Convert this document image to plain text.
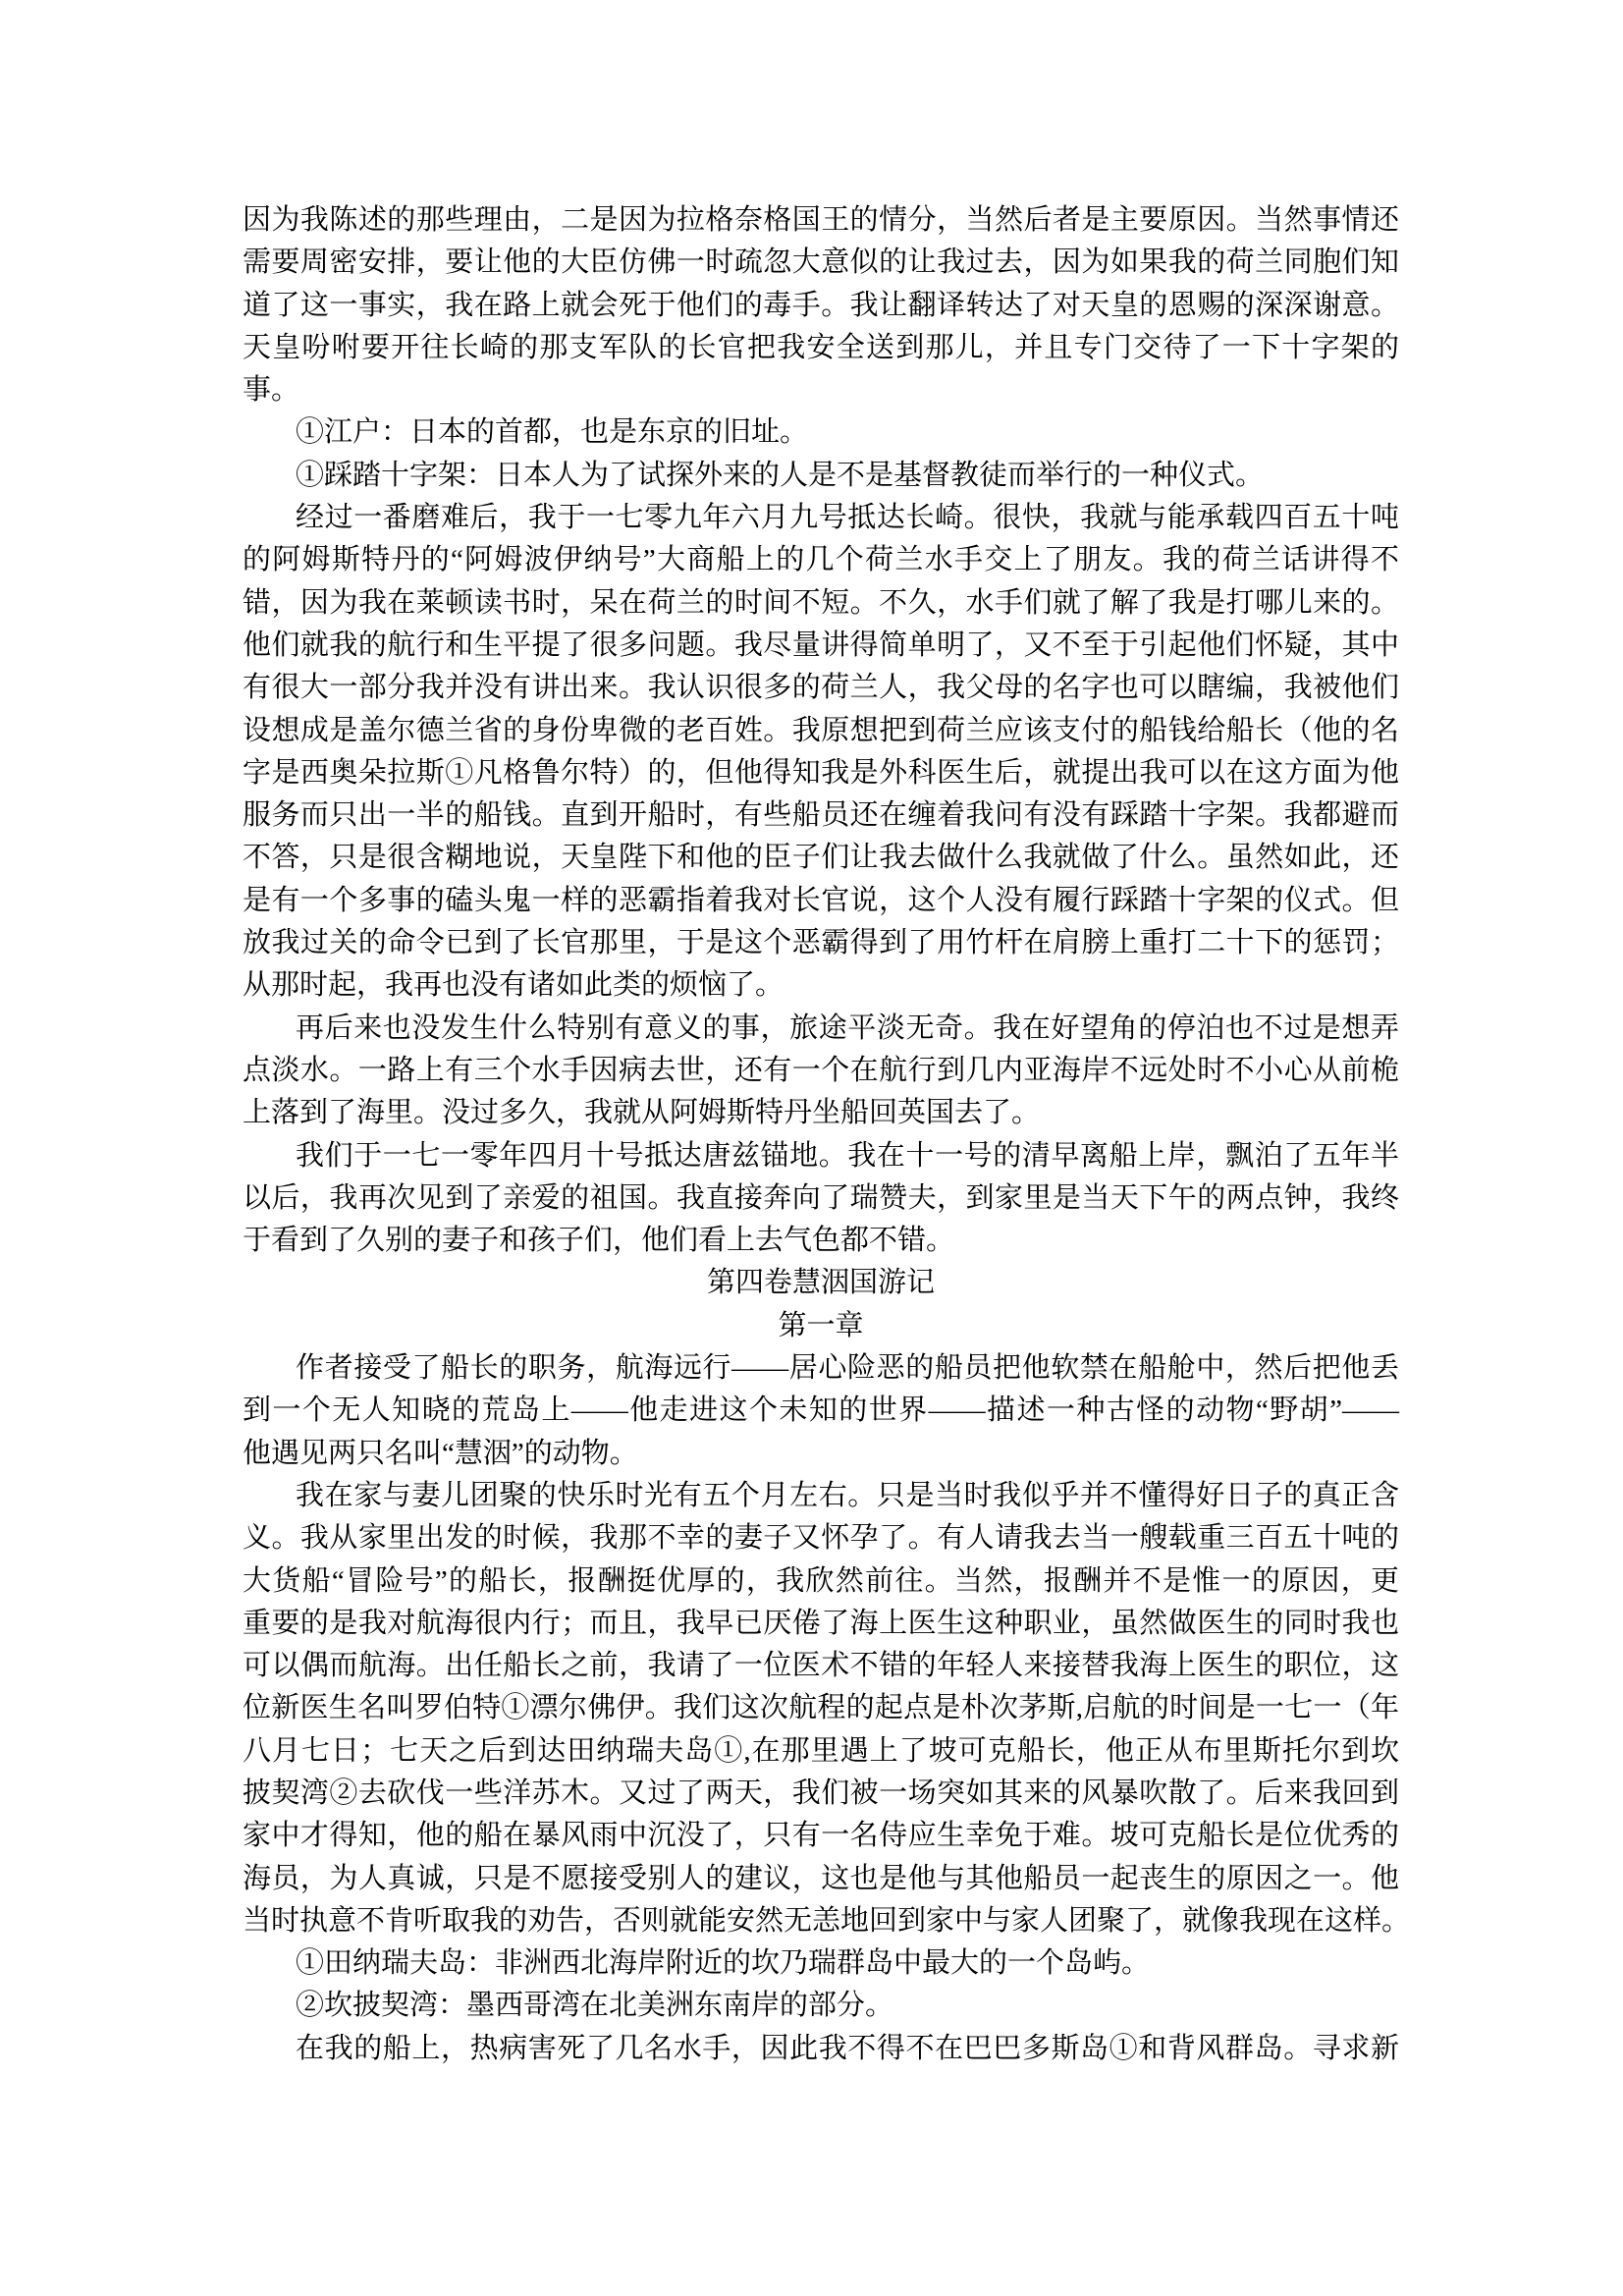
因为我陈述的那些理由，二是因为拉格奈格国王的情分，当然后者是主要原因。当然事情还
需要周密安排，要让他的大臣仿佛一时疏忽大意似的让我过去，因为如果我的荷兰同胞们知
道了这一事实，我在路上就会死于他们的毒手。我让翻译转达了对天皇的恩赐的深深谢意。
天皇吩咐要开往长崎的那支军队的长官把我安全送到那儿，并且专门交待了一下十字架的
事。
①江户：日本的首都，也是东京的旧址。
①踩踏十字架：日本人为了试探外来的人是不是基督教徒而举行的一种仪式。
经过一番磨难后，我于一七零九年六月九号抵达长崎。很快，我就与能承载四百五十吨
的阿姆斯特丹的“阿姆波伊纳号”大商船上的几个荷兰水手交上了朋友。我的荷兰话讲得不
错，因为我在莱顿读书时，呆在荷兰的时间不短。不久，水手们就了解了我是打哪儿来的。
他们就我的航行和生平提了很多问题。我尽量讲得简单明了，又不至于引起他们怀疑，其中
有很大一部分我并没有讲出来。我认识很多的荷兰人，我父母的名字也可以瞎编，我被他们
设想成是盖尔德兰省的身份卑微的老百姓。我原想把到荷兰应该支付的船钱给船长（他的名
字是西奥朵拉斯①凡格鲁尔特）的，但他得知我是外科医生后，就提出我可以在这方面为他
服务而只出一半的船钱。直到开船时，有些船员还在缠着我问有没有踩踏十字架。我都避而
不答，只是很含糊地说，天皇陛下和他的臣子们让我去做什么我就做了什么。虽然如此，还
是有一个多事的磕头鬼一样的恶霸指着我对长官说，这个人没有履行踩踏十字架的仪式。但
放我过关的命令已到了长官那里，于是这个恶霸得到了用竹杆在肩膀上重打二十下的惩罚；
从那时起，我再也没有诸如此类的烦恼了。
再后来也没发生什么特别有意义的事，旅途平淡无奇。我在好望角的停泊也不过是想弄
点淡水。一路上有三个水手因病去世，还有一个在航行到几内亚海岸不远处时不小心从前桅
上落到了海里。没过多久，我就从阿姆斯特丹坐船回英国去了。
我们于一七一零年四月十号抵达唐兹锚地。我在十一号的清早离船上岸，飘泊了五年半
以后，我再次见到了亲爱的祖国。我直接奔向了瑞赞夫，到家里是当天下午的两点钟，我终
于看到了久别的妻子和孩子们，他们看上去气色都不错。
第四卷慧洇国游记
第一章
作者接受了船长的职务，航海远行——居心险恶的船员把他软禁在船舱中，然后把他丢
到一个无人知晓的荒岛上——他走进这个未知的世界——描述一种古怪的动物“野胡”——
他遇见两只名叫“慧洇”的动物。
我在家与妻儿团聚的快乐时光有五个月左右。只是当时我似乎并不懂得好日子的真正含
义。我从家里出发的时候，我那不幸的妻子又怀孕了。有人请我去当一艘载重三百五十吨的
大货船“冒险号”的船长，报酬挺优厚的，我欣然前往。当然，报酬并不是惟一的原因，更
重要的是我对航海很内行；而且，我早已厌倦了海上医生这种职业，虽然做医生的同时我也
可以偶而航海。出任船长之前，我请了一位医术不错的年轻人来接替我海上医生的职位，这
位新医生名叫罗伯特①漂尔佛伊。我们这次航程的起点是朴次茅斯,启航的时间是一七一（年
八月七日；七天之后到达田纳瑞夫岛①,在那里遇上了坡可克船长，他正从布里斯托尔到坎
披契湾②去砍伐一些洋苏木。又过了两天，我们被一场突如其来的风暴吹散了。后来我回到
家中才得知，他的船在暴风雨中沉没了，只有一名侍应生幸免于难。坡可克船长是位优秀的
海员，为人真诚，只是不愿接受别人的建议，这也是他与其他船员一起丧生的原因之一。他
当时执意不肯听取我的劝告，否则就能安然无恙地回到家中与家人团聚了，就像我现在这样。
①田纳瑞夫岛：非洲西北海岸附近的坎乃瑞群岛中最大的一个岛屿。
②坎披契湾：墨西哥湾在北美洲东南岸的部分。
在我的船上，热病害死了几名水手，因此我不得不在巴巴多斯岛①和背风群岛。寻求新
